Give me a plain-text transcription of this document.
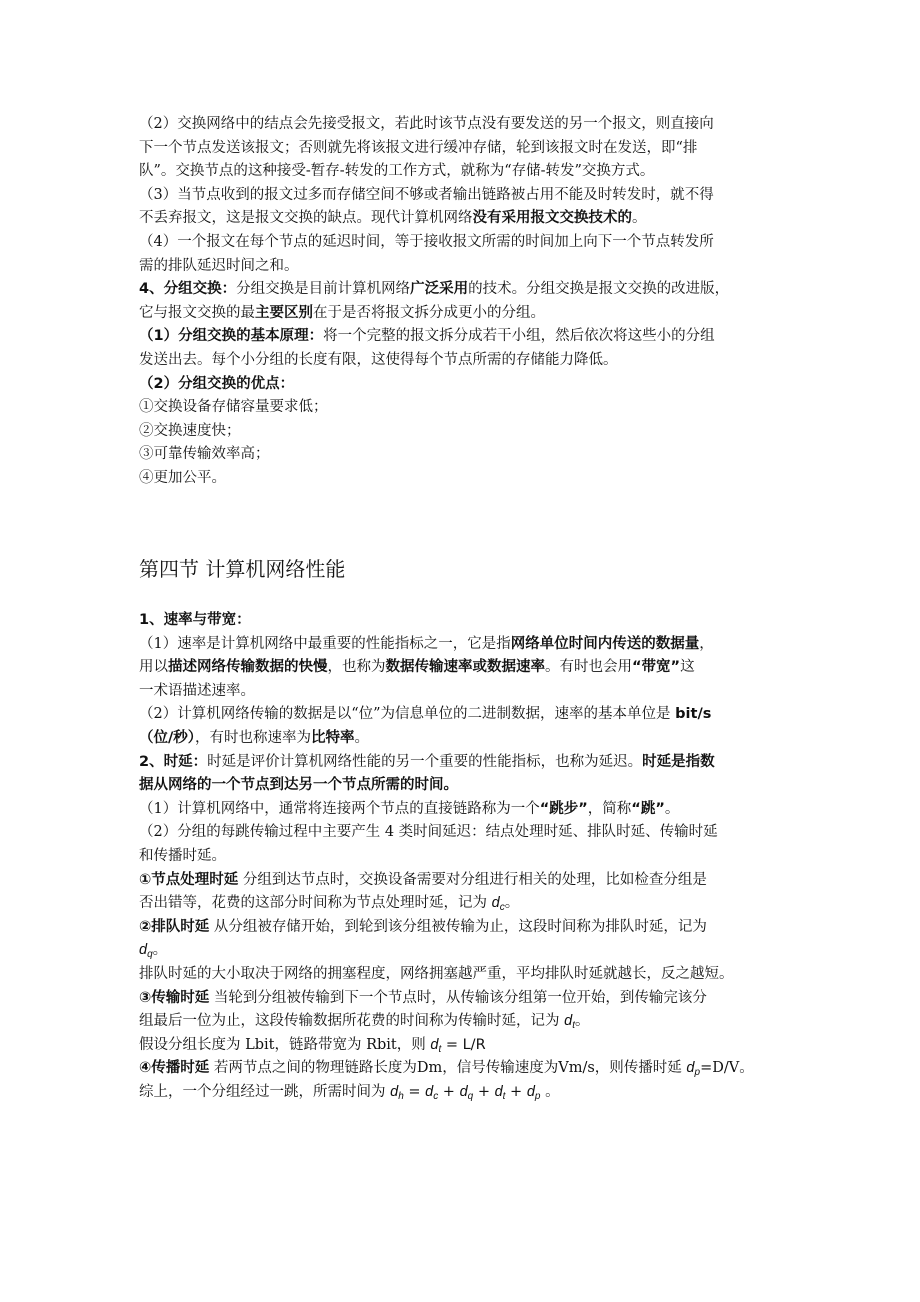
（2）交换网络中的结点会先接受报文，若此时该节点没有要发送的另一个报文，则直接向
下一个节点发送该报文；否则就先将该报文进行缓冲存储，轮到该报文时在发送，即“排
队”。交换节点的这种接受-暂存-转发的工作方式，就称为“存储-转发”交换方式。
（3）当节点收到的报文过多而存储空间不够或者输出链路被占用不能及时转发时，就不得
不丢弃报文，这是报文交换的缺点。现代计算机网络没有采用报文交换技术的。
（4）一个报文在每个节点的延迟时间，等于接收报文所需的时间加上向下一个节点转发所
需的排队延迟时间之和。
4、分组交换：分组交换是目前计算机网络广泛采用的技术。分组交换是报文交换的改进版，
它与报文交换的最主要区别在于是否将报文拆分成更小的分组。
（1）分组交换的基本原理：将一个完整的报文拆分成若干小组，然后依次将这些小的分组
发送出去。每个小分组的长度有限，这使得每个节点所需的存储能力降低。
（2）分组交换的优点：
①交换设备存储容量要求低；
②交换速度快；
③可靠传输效率高；
④更加公平。
第四节 计算机网络性能
1、速率与带宽：
（1）速率是计算机网络中最重要的性能指标之一，它是指网络单位时间内传送的数据量，
用以描述网络传输数据的快慢，也称为数据传输速率或数据速率。有时也会用“带宽”这
一术语描述速率。
（2）计算机网络传输的数据是以“位”为信息单位的二进制数据，速率的基本单位是 bit/s
（位/秒），有时也称速率为比特率。
2、时延：时延是评价计算机网络性能的另一个重要的性能指标，也称为延迟。时延是指数
据从网络的一个节点到达另一个节点所需的时间。
（1）计算机网络中，通常将连接两个节点的直接链路称为一个“跳步”，简称“跳”。
（2）分组的每跳传输过程中主要产生 4 类时间延迟：结点处理时延、排队时延、传输时延
和传播时延。
①节点处理时延 分组到达节点时，交换设备需要对分组进行相关的处理，比如检查分组是
否出错等，花费的这部分时间称为节点处理时延，记为 $d_c$。
②排队时延 从分组被存储开始，到轮到该分组被传输为止，这段时间称为排队时延，记为
$d_q$。
排队时延的大小取决于网络的拥塞程度，网络拥塞越严重，平均排队时延就越长，反之越短。
③传输时延 当轮到分组被传输到下一个节点时，从传输该分组第一位开始，到传输完该分
组最后一位为止，这段传输数据所花费的时间称为传输时延，记为 $d_t$。
假设分组长度为 Lbit，链路带宽为 Rbit，则 $d_t = L/R$
④传播时延 若两节点之间的物理链路长度为Dm，信号传输速度为Vm/s，则传播时延 $d_p=D/V$。
综上，一个分组经过一跳，所需时间为 $d_h = d_c + d_q + d_t + d_p$ 。
